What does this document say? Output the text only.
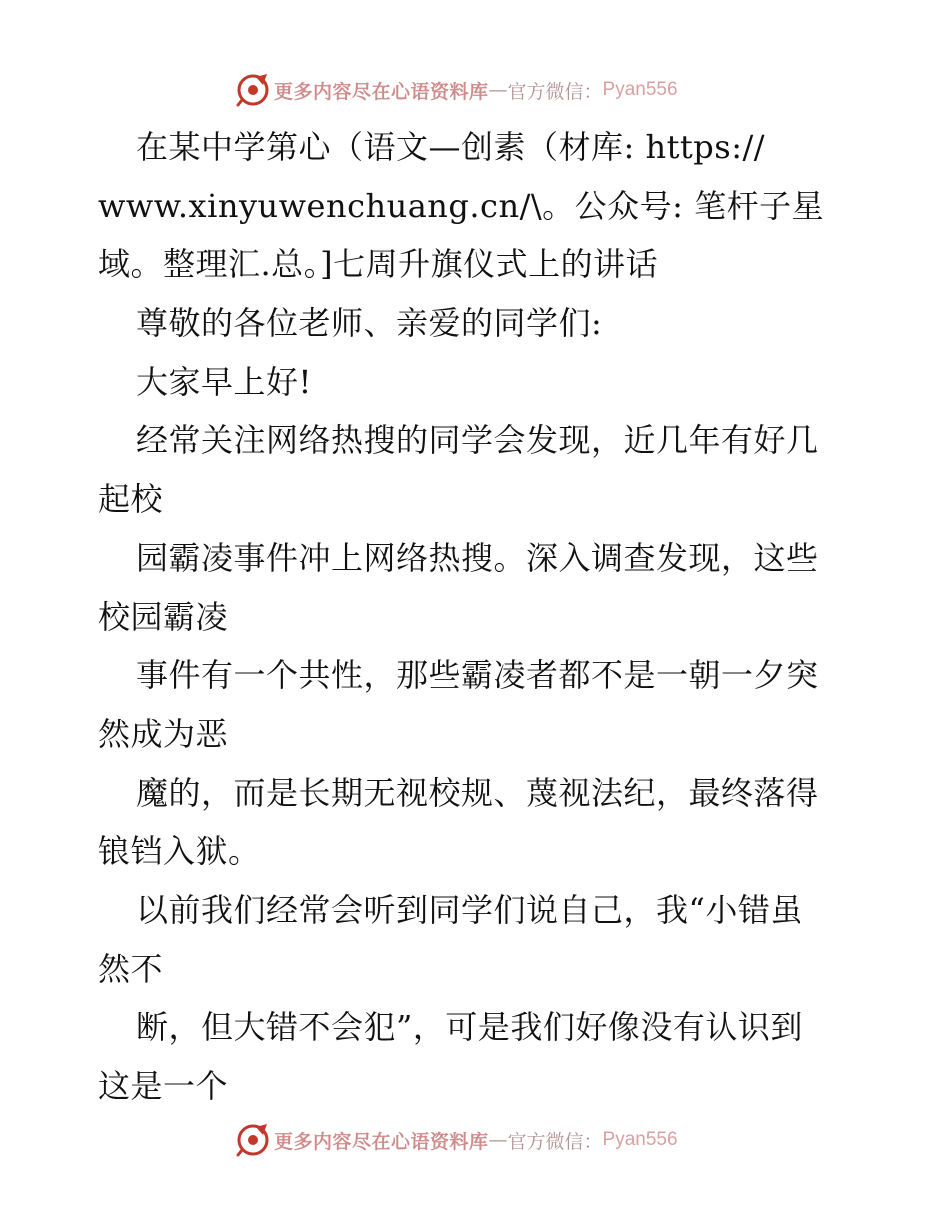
更多内容尽在心语资料库 — 官方微信： Pyan556
在某中学第心（语文—创素（材库: https://
www.xinyuwenchuang.cn/\。公众号: 笔杆子星
域。整理汇.总。]七周升旗仪式上的讲话
尊敬的各位老师、亲爱的同学们:
大家早上好!
经常关注网络热搜的同学会发现，近几年有好几
起校
园霸凌事件冲上网络热搜。深入调查发现，这些
校园霸凌
事件有一个共性，那些霸凌者都不是一朝一夕突
然成为恶
魔的，而是长期无视校规、蔑视法纪，最终落得
锒铛入狱。
以前我们经常会听到同学们说自己，我“小错虽
然不
断，但大错不会犯”，可是我们好像没有认识到
这是一个
更多内容尽在心语资料库 — 官方微信： Pyan556
